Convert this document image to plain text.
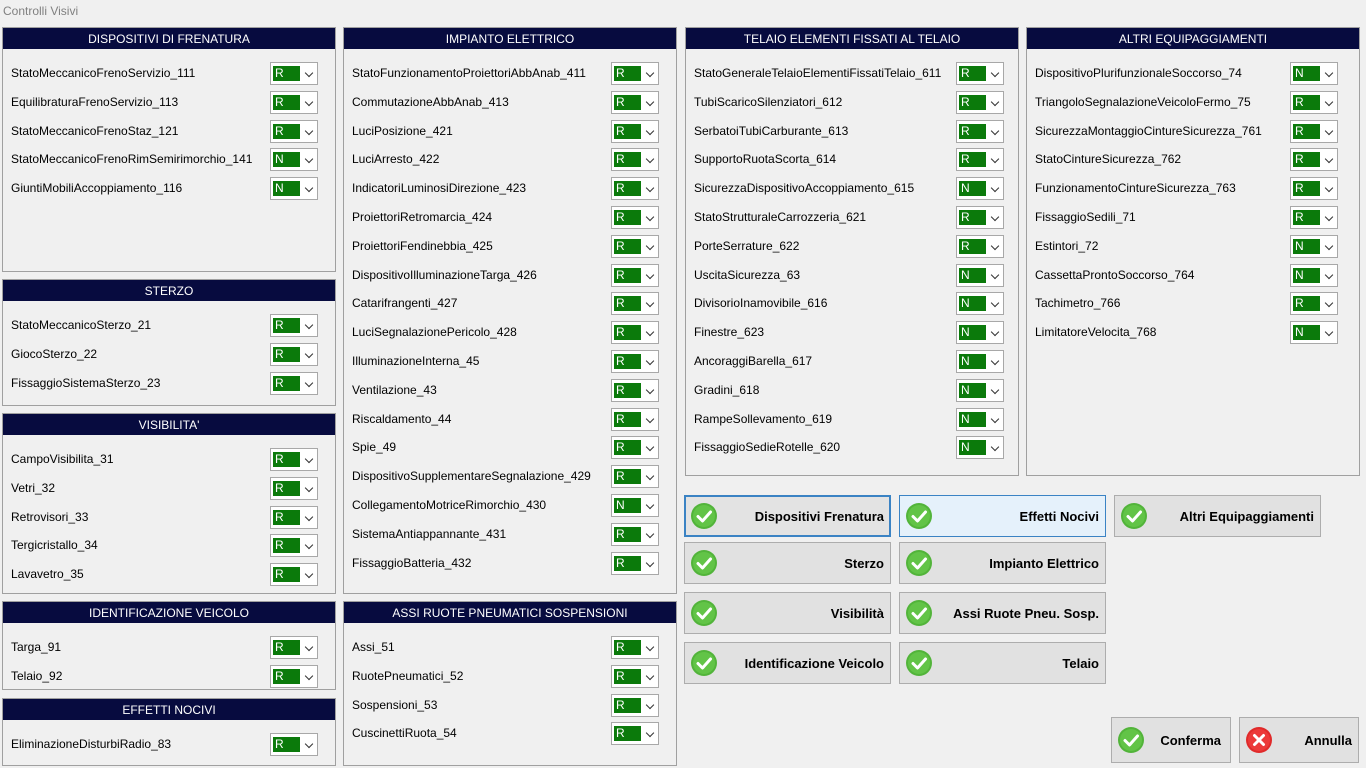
Controlli Visivi
DISPOSITIVI DI FRENATURA
StatoMeccanicoFrenoServizio_111	R
EquilibraturaFrenoServizio_113	R
StatoMeccanicoFrenoStaz_121	R
StatoMeccanicoFrenoRimSemirimorchio_141 N
GiuntiMobiliAccoppiamento_116	N
STERZO
StatoMeccanicoSterzo_21	R
GiocoSterzo_22	R
FissaggioSistemaSterzo_23	R
VISIBILITA'
CampoVisibilita_31	R
Vetri_32	R
Retrovisori_33	R
Tergicristallo_34	R
Lavavetro_35	R
IDENTIFICAZIONE VEICOLO
Targa_91	R
Telaio_92	R
EFFETTI NOCIVI
EliminazioneDisturbiRadio_83	R
IMPIANTO ELETTRICO
StatoFunzionamentoProiettoriAbbAnab_411	R
CommutazioneAbbAnab_413	R
LuciPosizione_421	R
LuciArresto_422	R
IndicatoriLuminosiDirezione_423	R
ProiettoriRetromarcia_424	R
ProiettoriFendinebbia_425	R
DispositivoIlluminazioneTarga_426	R
Catarifrangenti_427	R
LuciSegnalazionePericolo_428	R
IlluminazioneInterna_45	R
Ventilazione_43	R
Riscaldamento_44	R
Spie_49	R
DispositivoSupplementareSegnalazione_429 R
CollegamentoMotriceRimorchio_430	N
SistemaAntiappannante_431	R
FissaggioBatteria_432	R
ASSI RUOTE PNEUMATICI SOSPENSIONI
Assi_51	R
RuotePneumatici_52	R
Sospensioni_53	R
CuscinettiRuota_54	R
TELAIO ELEMENTI FISSATI AL TELAIO
StatoGeneraleTelaioElementiFissatiTelaio_611 R
TubiScaricoSilenziatori_612	R
SerbatoiTubiCarburante_613	R
SupportoRuotaScorta_614	R
SicurezzaDispositivoAccoppiamento_615	N
StatoStrutturaleCarrozzeria_621	R
PorteSerrature_622	R
UscitaSicurezza_63	N
DivisorioInamovibile_616	N
Finestre_623	N
AncoraggiBarella_617	N
Gradini_618	N
RampeSollevamento_619	N
FissaggioSedieRotelle_620	N
ALTRI EQUIPAGGIAMENTI
DispositivoPlurifunzionaleSoccorso_74	N
TriangoloSegnalazioneVeicoloFermo_75	R
SicurezzaMontaggioCintureSicurezza_761	R
StatoCintureSicurezza_762	R
FunzionamentoCintureSicurezza_763	R
FissaggioSedili_71	R
Estintori_72	N
CassettaProntoSoccorso_764	N
Tachimetro_766	R
LimitatoreVelocita_768	N
Dispositivi Frenatura	Effetti Nocivi	Altri Equipaggiamenti
Sterzo	Impianto Elettrico
Visibilità	Assi Ruote Pneu. Sosp.
Identificazione Veicolo	Telaio
Conferma	Annulla
